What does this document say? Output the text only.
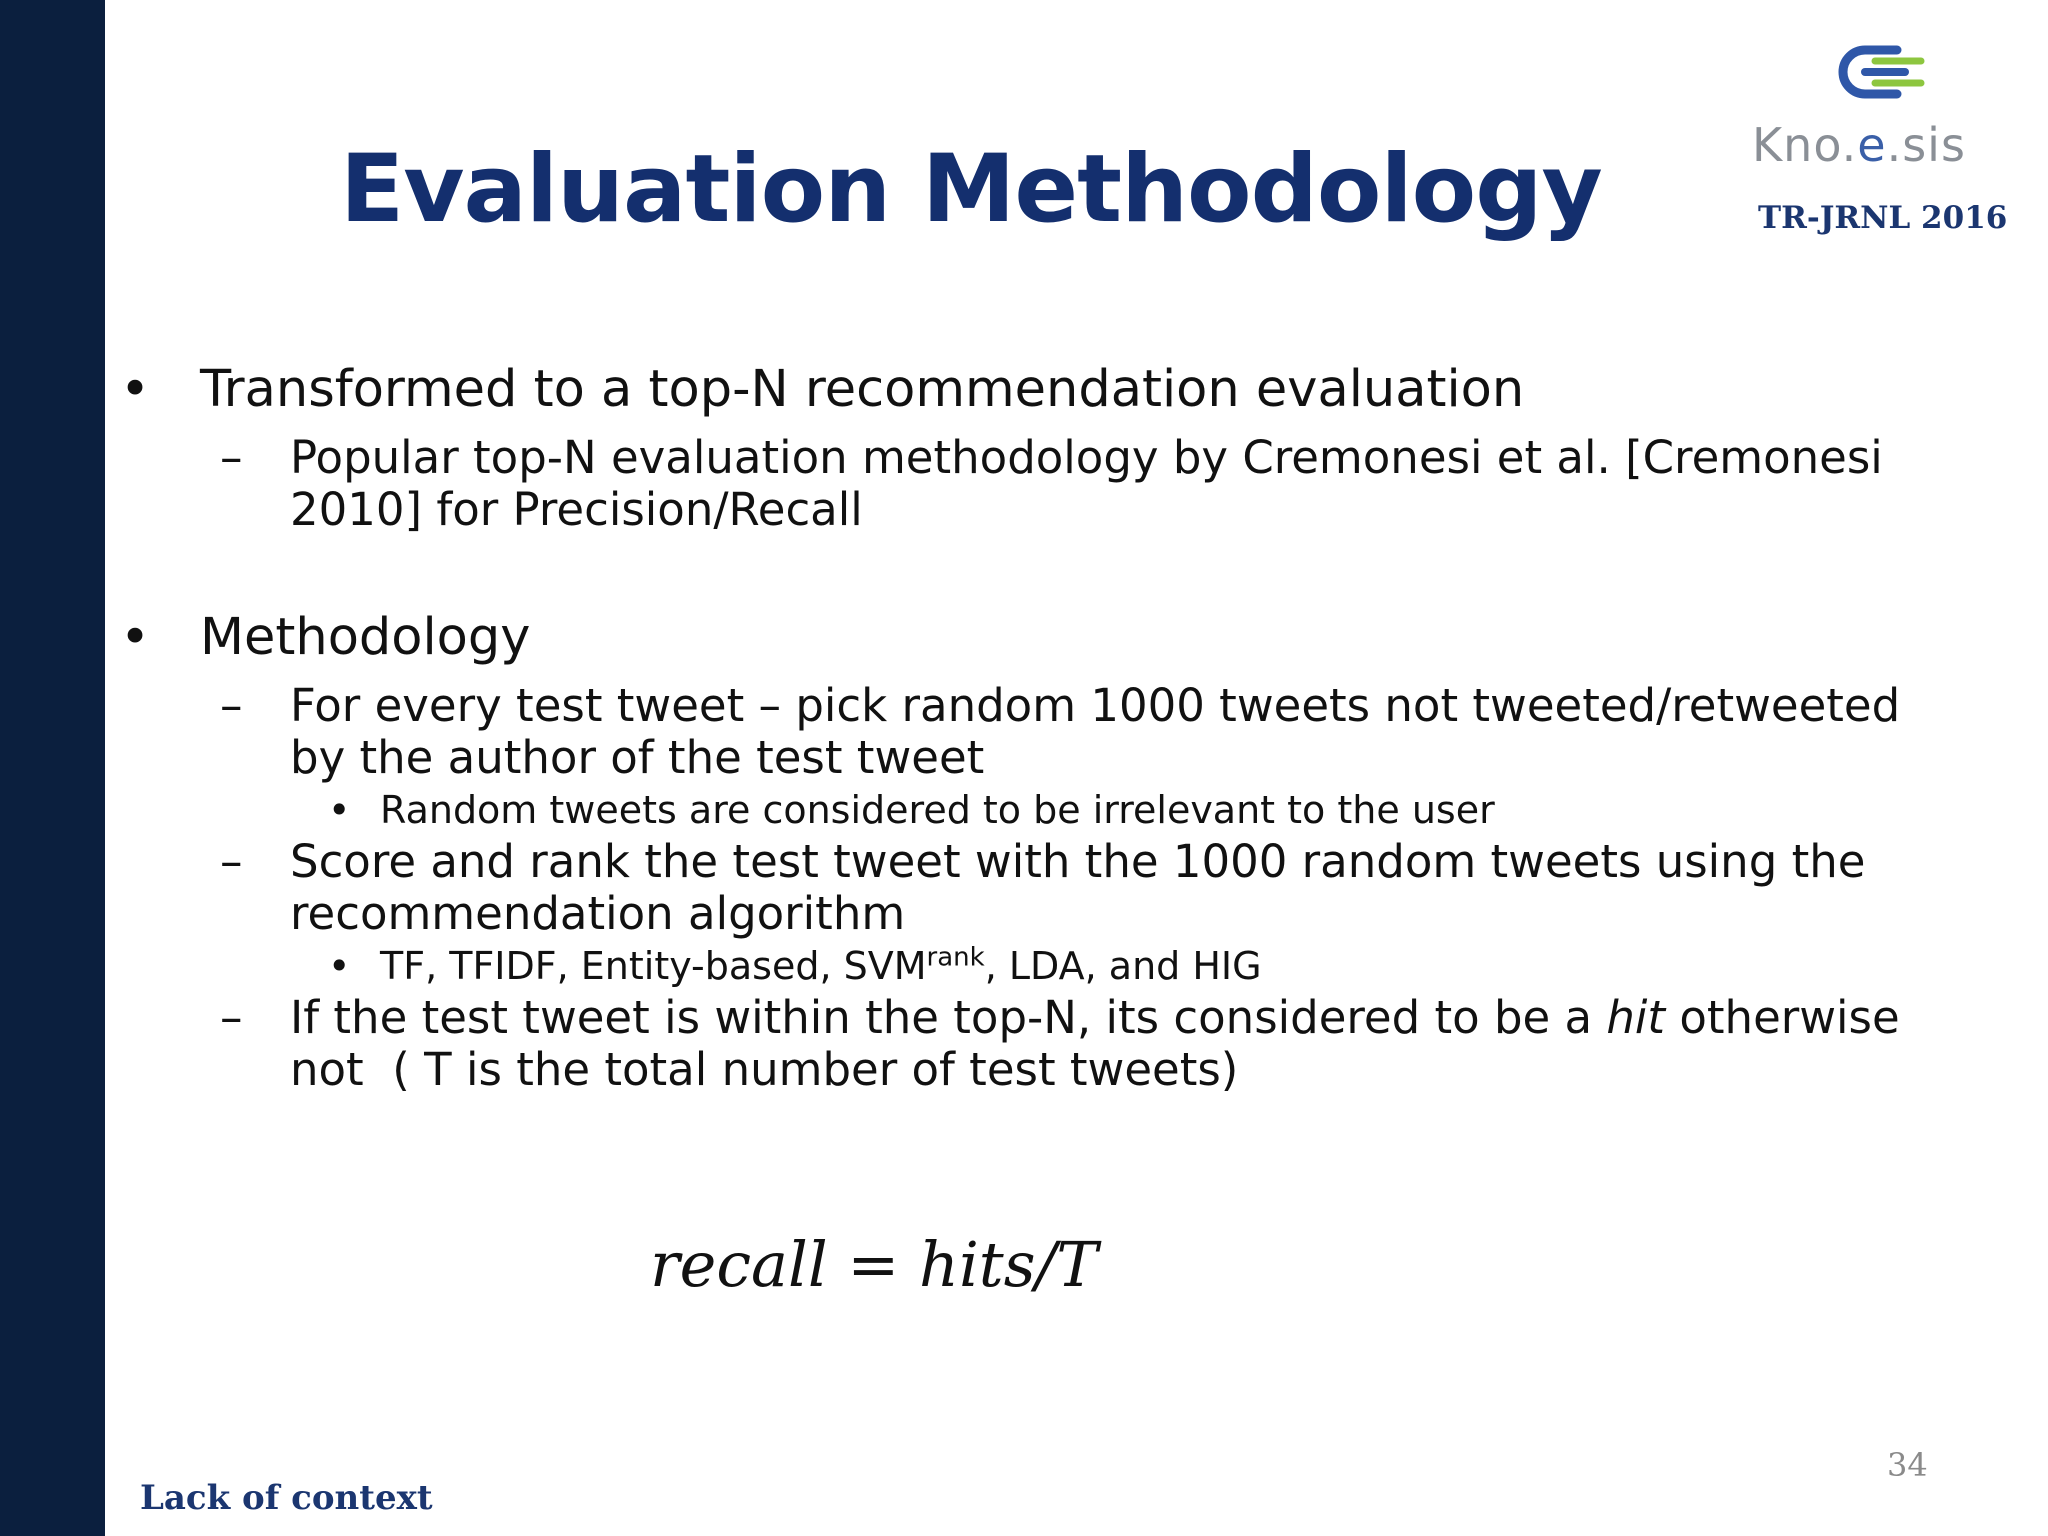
Evaluation Methodology	Kno.e.sis
TR-JRNL 2016
• Transformed to a top-N recommendation evaluation
– Popular top-N evaluation methodology by Cremonesi et al. [Cremonesi
2010] for Precision/Recall
• Methodology
– For every test tweet – pick random 1000 tweets not tweeted/retweeted
by the author of the test tweet
• Random tweets are considered to be irrelevant to the user
– Score and rank the test tweet with the 1000 random tweets using the
recommendation algorithm
• TF, TFIDF, Entity-based, $SVM^{rank}$, LDA, and HIG
– If the test tweet is within the top-N, its considered to be a hit otherwise
not  ( T is the total number of test tweets)
recall = hits/T
34
Lack of context
